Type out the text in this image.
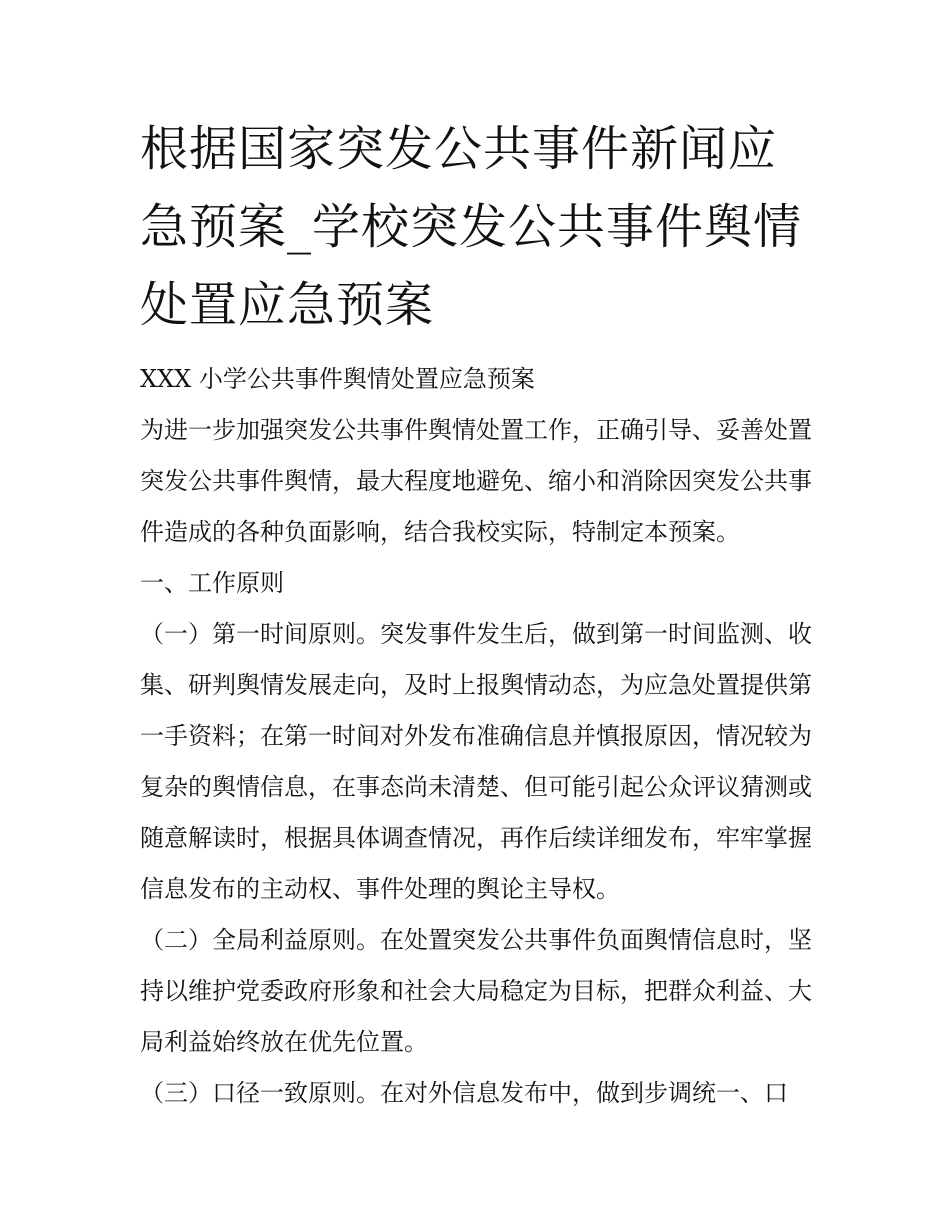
根据国家突发公共事件新闻应急预案_学校突发公共事件舆情处置应急预案

XXX 小学公共事件舆情处置应急预案

为进一步加强突发公共事件舆情处置工作，正确引导、妥善处置突发公共事件舆情，最大程度地避免、缩小和消除因突发公共事件造成的各种负面影响，结合我校实际，特制定本预案。

一、工作原则

（一）第一时间原则。突发事件发生后，做到第一时间监测、收集、研判舆情发展走向，及时上报舆情动态，为应急处置提供第一手资料；在第一时间对外发布准确信息并慎报原因，情况较为复杂的舆情信息，在事态尚未清楚、但可能引起公众评议猜测或随意解读时，根据具体调查情况，再作后续详细发布，牢牢掌握信息发布的主动权、事件处理的舆论主导权。

（二）全局利益原则。在处置突发公共事件负面舆情信息时，坚持以维护党委政府形象和社会大局稳定为目标，把群众利益、大局利益始终放在优先位置。

（三）口径一致原则。在对外信息发布中，做到步调统一、口
